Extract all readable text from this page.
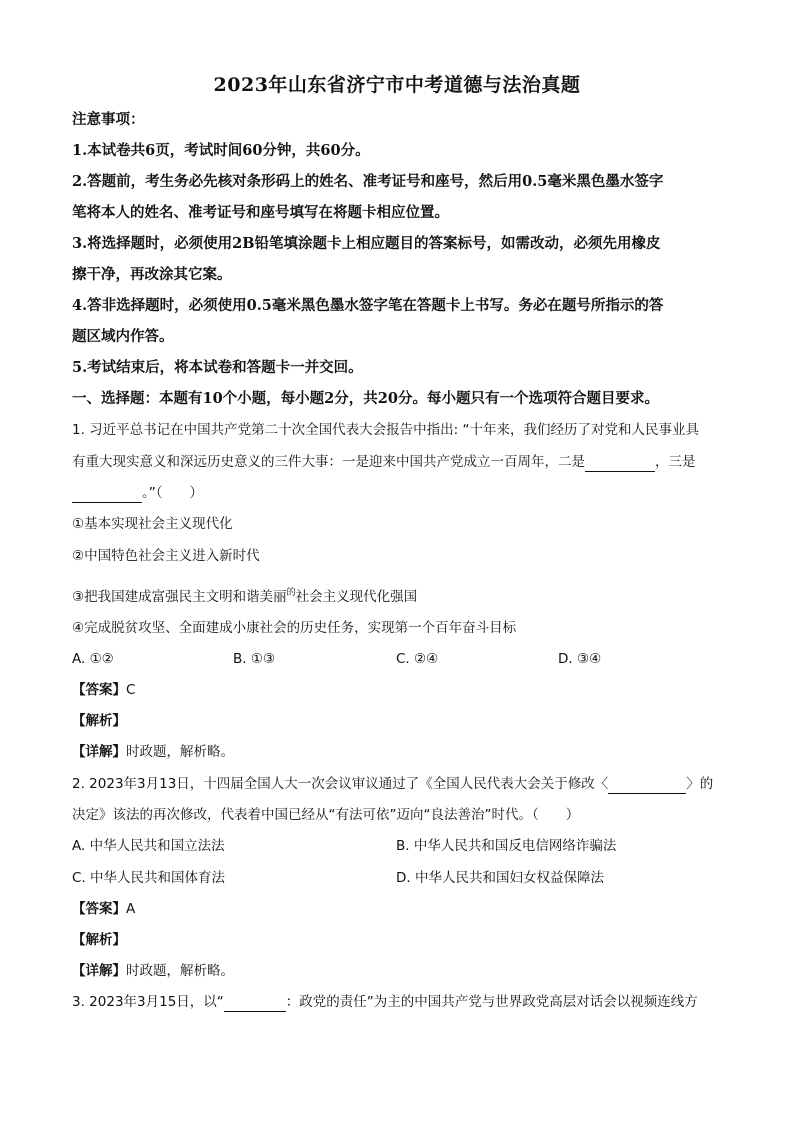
2023年山东省济宁市中考道德与法治真题
注意事项：
1.本试卷共6页，考试时间60分钟，共60分。
2.答题前，考生务必先核对条形码上的姓名、准考证号和座号，然后用0.5毫米黑色墨水签字
笔将本人的姓名、准考证号和座号填写在将题卡相应位置。
3.将选择题时，必须使用2B铅笔填涂题卡上相应题目的答案标号，如需改动，必须先用橡皮
擦干净，再改涂其它案。
4.答非选择题时，必须使用0.5毫米黑色墨水签字笔在答题卡上书写。务必在题号所指示的答
题区域内作答。
5.考试结束后，将本试卷和答题卡一并交回。
一、选择题：本题有10个小题，每小题2分，共20分。每小题只有一个选项符合题目要求。
1. 习近平总书记在中国共产党第二十次全国代表大会报告中指出: “十年来，我们经历了对党和人民事业具
有重大现实意义和深远历史意义的三件大事：一是迎来中国共产党成立一百周年，二是	，三是
。”（　　）
①基本实现社会主义现代化
②中国特色社会主义进入新时代
③把我国建成富强民主文明和谐美丽$^的$社会主义现代化强国
④完成脱贫攻坚、全面建成小康社会的历史任务，实现第一个百年奋斗目标
A. ①②	B. ①③	C. ②④	D. ③④
【答案】C
【解析】
【详解】时政题，解析略。
2. 2023年3月13日，十四届全国人大一次会议审议通过了《全国人民代表大会关于修改〈	〉的
决定》该法的再次修改，代表着中国已经从“有法可依”迈向“良法善治”时代。（　　）
A. 中华人民共和国立法法	B. 中华人民共和国反电信网络诈骗法
C. 中华人民共和国体育法	D. 中华人民共和国妇女权益保障法
【答案】A
【解析】
【详解】时政题，解析略。
3. 2023年3月15日，以“	：政党的责任”为主的中国共产党与世界政党高层对话会以视频连线方
